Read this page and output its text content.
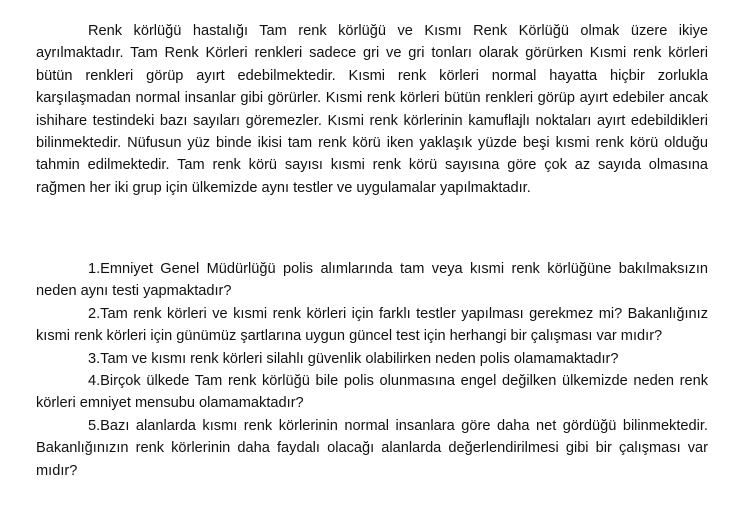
Renk körlüğü hastalığı Tam renk körlüğü ve Kısmı Renk Körlüğü olmak üzere ikiye ayrılmaktadır. Tam Renk Körleri renkleri sadece gri ve gri tonları olarak görürken Kısmi renk körleri bütün renkleri görüp ayırt edebilmektedir. Kısmi renk körleri normal hayatta hiçbir zorlukla karşılaşmadan normal insanlar gibi görürler. Kısmi renk körleri bütün renkleri görüp ayırt edebiler ancak ishihare testindeki bazı sayıları göremezler. Kısmi renk körlerinin kamuflajlı noktaları ayırt edebildikleri bilinmektedir. Nüfusun yüz binde ikisi tam renk körü iken yaklaşık yüzde beşi kısmi renk körü olduğu tahmin edilmektedir. Tam renk körü sayısı kısmi renk körü sayısına göre çok az sayıda olmasına rağmen her iki grup için ülkemizde aynı testler ve uygulamalar yapılmaktadır.

1.Emniyet Genel Müdürlüğü polis alımlarında tam veya kısmi renk körlüğüne bakılmaksızın neden aynı testi yapmaktadır?

2.Tam renk körleri ve kısmi renk körleri için farklı testler yapılması gerekmez mi? Bakanlığınız kısmi renk körleri için günümüz şartlarına uygun güncel test için herhangi bir çalışması var mıdır?

3.Tam ve kısmı renk körleri silahlı güvenlik olabilirken neden polis olamamaktadır?

4.Birçok ülkede Tam renk körlüğü bile polis olunmasına engel değilken ülkemizde neden renk körleri emniyet mensubu olamamaktadır?

5.Bazı alanlarda kısmı renk körlerinin normal insanlara göre daha net gördüğü bilinmektedir. Bakanlığınızın renk körlerinin daha faydalı olacağı alanlarda değerlendirilmesi gibi bir çalışması var mıdır?
